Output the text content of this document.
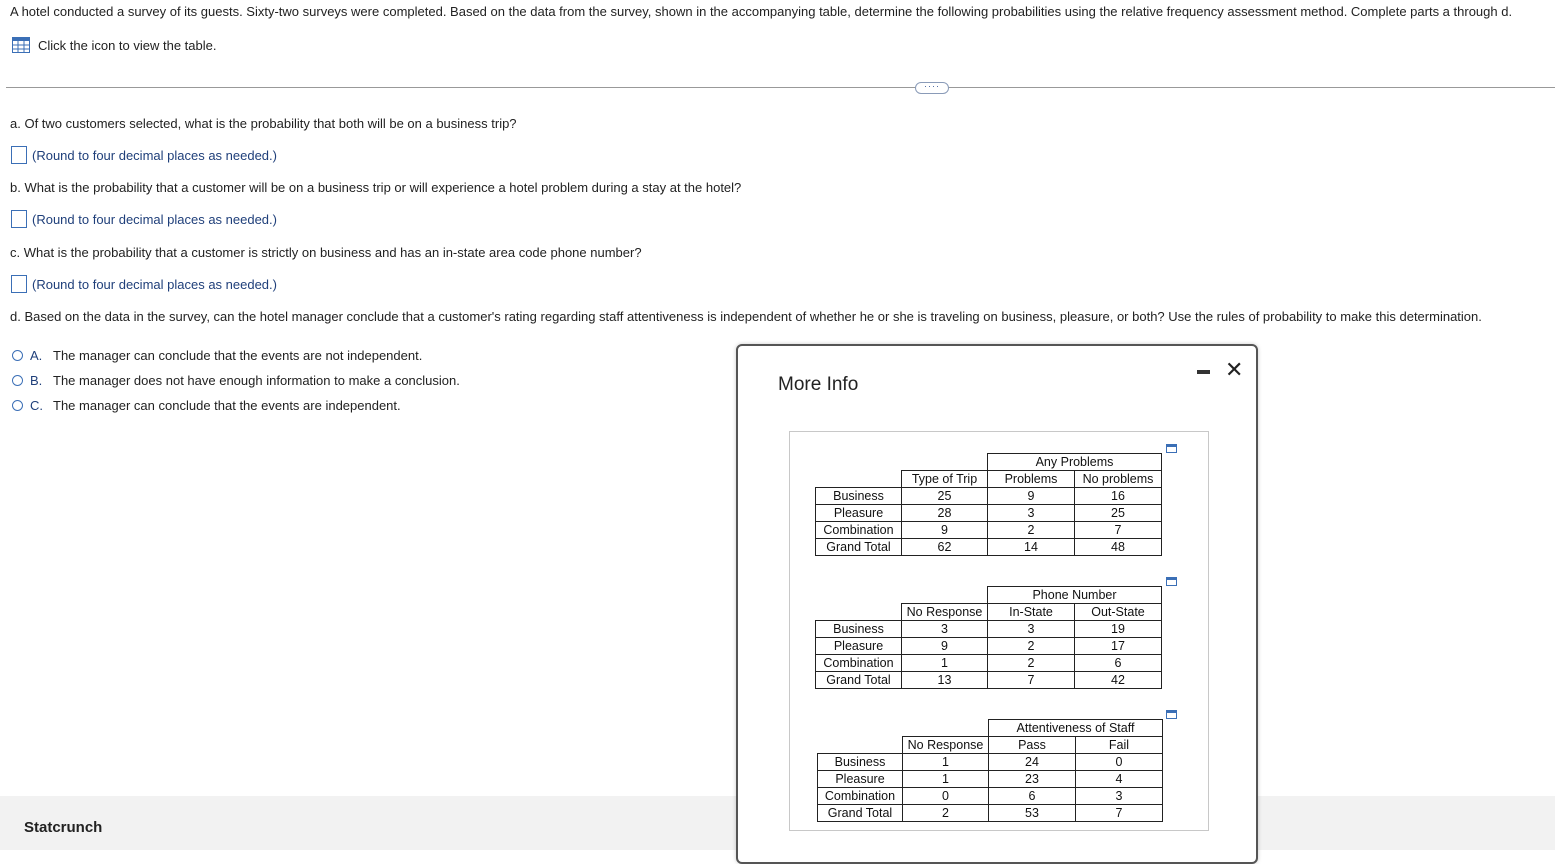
A hotel conducted a survey of its guests. Sixty-two surveys were completed. Based on the data from the survey, shown in the accompanying table, determine the following probabilities using the relative frequency assessment method. Complete parts a through d.
Click the icon to view the table.
····
a. Of two customers selected, what is the probability that both will be on a business trip?
(Round to four decimal places as needed.)
b. What is the probability that a customer will be on a business trip or will experience a hotel problem during a stay at the hotel?
(Round to four decimal places as needed.)
c. What is the probability that a customer is strictly on business and has an in-state area code phone number?
(Round to four decimal places as needed.)
d. Based on the data in the survey, can the hotel manager conclude that a customer's rating regarding staff attentiveness is independent of whether he or she is traveling on business, pleasure, or both? Use the rules of probability to make this determination.
A. The manager can conclude that the events are not independent.
B. The manager does not have enough information to make a conclusion.
C. The manager can conclude that the events are independent.
Statcrunch
More Info
✕
		Any Problems	
	Type of Trip	Problems	No problems
Business	25	9	16
Pleasure	28	3	25
Combination	9	2	7
Grand Total	62	14	48
		Phone Number	
	No Response	In-State	Out-State
Business	3	3	19
Pleasure	9	2	17
Combination	1	2	6
Grand Total	13	7	42
		Attentiveness of Staff	
	No Response	Pass	Fail
Business	1	24	0
Pleasure	1	23	4
Combination	0	6	3
Grand Total	2	53	7
